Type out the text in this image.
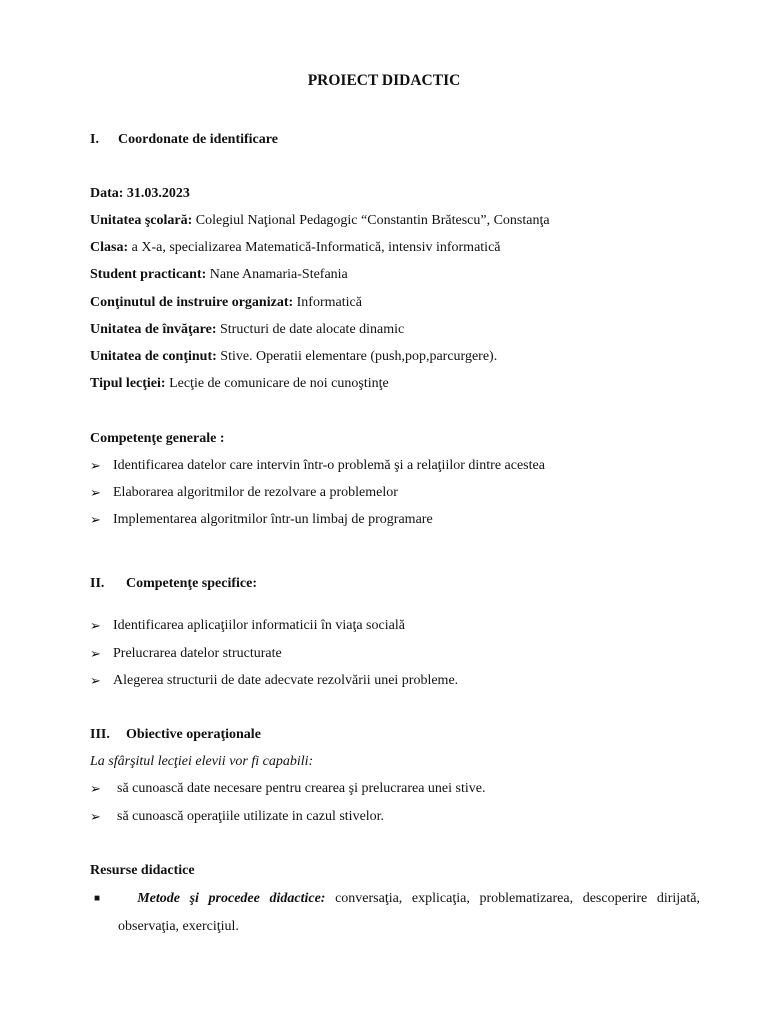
PROIECT DIDACTIC
I. Coordonate de identificare
Data: 31.03.2023
Unitatea şcolară: Colegiul Naţional Pedagogic “Constantin Brătescu”, Constanţa
Clasa: a X-a, specializarea Matematică-Informatică, intensiv informatică
Student practicant: Nane Anamaria-Stefania
Conţinutul de instruire organizat: Informatică
Unitatea de învăţare: Structuri de date alocate dinamic
Unitatea de conţinut: Stive. Operatii elementare (push,pop,parcurgere).
Tipul lecţiei: Lecţie de comunicare de noi cunoştinţe
Competenţe generale :
➢ Identificarea datelor care intervin într-o problemă şi a relaţiilor dintre acestea
➢ Elaborarea algoritmilor de rezolvare a problemelor
➢ Implementarea algoritmilor într-un limbaj de programare
II. Competenţe specifice:
➢ Identificarea aplicaţiilor informaticii în viaţa socială
➢ Prelucrarea datelor structurate
➢ Alegerea structurii de date adecvate rezolvării unei probleme.
III. Obiective operaţionale
La sfârşitul lecţiei elevii vor fi capabili:
➢ să cunoască date necesare pentru crearea şi prelucrarea unei stive.
➢ să cunoască operaţiile utilizate in cazul stivelor.
Resurse didactice
■	Metode şi procedee didactice: conversaţia, explicaţia, problematizarea, descoperire dirijată, observaţia, exerciţiul.
